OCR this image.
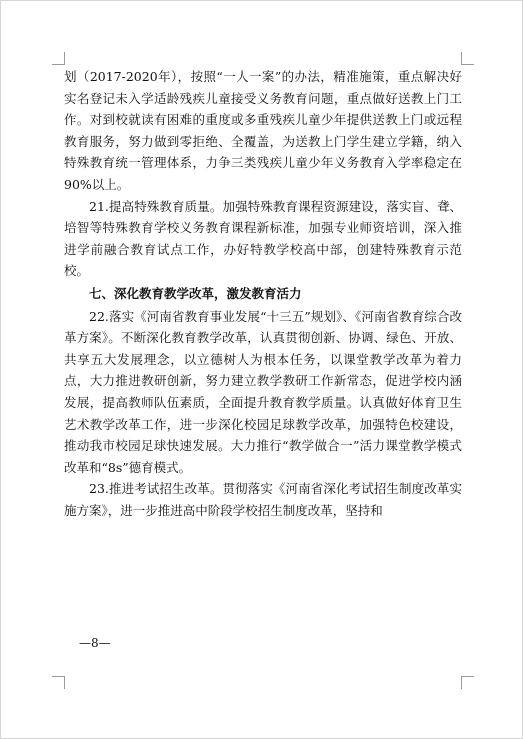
划（2017-2020年），按照“一人一案”的办法，精准施策，重点解决好实名登记未入学适龄残疾儿童接受义务教育问题，重点做好送教上门工作。对到校就读有困难的重度或多重残疾儿童少年提供送教上门或远程教育服务，努力做到零拒绝、全覆盖，为送教上门学生建立学籍，纳入特殊教育统一管理体系，力争三类残疾儿童少年义务教育入学率稳定在90%以上。

21.提高特殊教育质量。加强特殊教育课程资源建设，落实盲、聋、培智等特殊教育学校义务教育课程新标准，加强专业师资培训，深入推进学前融合教育试点工作，办好特教学校高中部，创建特殊教育示范校。

七、深化教育教学改革，激发教育活力

22.落实《河南省教育事业发展“十三五”规划》、《河南省教育综合改革方案》。不断深化教育教学改革，认真贯彻创新、协调、绿色、开放、共享五大发展理念，以立德树人为根本任务，以课堂教学改革为着力点，大力推进教研创新，努力建立教学教研工作新常态，促进学校内涵发展，提高教师队伍素质，全面提升教育教学质量。认真做好体育卫生艺术教学改革工作，进一步深化校园足球教学改革，加强特色校建设，推动我市校园足球快速发展。大力推行“教学做合一”活力课堂教学模式改革和“8s”德育模式。

23.推进考试招生改革。贯彻落实《河南省深化考试招生制度改革实施方案》，进一步推进高中阶段学校招生制度改革，坚持和

—8—
